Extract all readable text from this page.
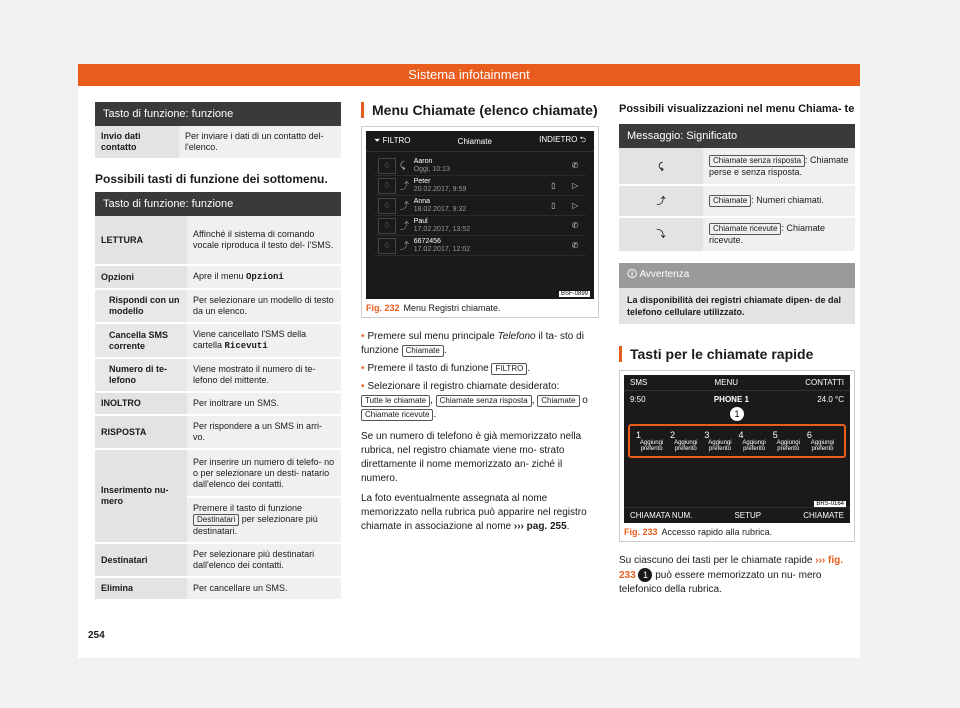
Sistema infotainment
Tasto di funzione: funzione
Invio dati contatto	Per inviare i dati di un contatto del- l'elenco.
Possibili tasti di funzione dei sottomenu.
Tasto di funzione: funzione
LETTURA	Affinché il sistema di comando vocale riproduca il testo del- l'SMS.
Opzioni	Apre il menu Opzioni
Rispondi con un modello	Per selezionare un modello di testo da un elenco.
Cancella SMS corrente	Viene cancellato l'SMS della cartella Ricevuti
Numero di te- lefono	Viene mostrato il numero di te- lefono del mittente.
INOLTRO	Per inoltrare un SMS.
RISPOSTA	Per rispondere a un SMS in arri- vo.
Inserimento nu- mero	Per inserire un numero di telefo- no o per selezionare un desti- natario dall'elenco dei contatti.
	Premere il tasto di funzione Destinatari per selezionare più destinatari.
Destinatari	Per selezionare più destinatari dall'elenco dei contatti.
Elimina	Per cancellare un SMS.
Menu Chiamate (elenco chiamate)
⏷ FILTRO	Chiamate	INDIETRO ⮌
♢	⤹	Aaron
Oggi, 10:13	✆
♢	⤴ Peter
20.02.2017, 9:59	▯	▷
♢	⤴ Anna
18.02.2017, 9:32	▯	▷
♢	⤴ Paul
17.02.2017, 13:52	✆
♢	⤴ 6672456
17.02.2017, 12:02	✆
BSF-0899
Fig. 232 Menu Registri chiamate.
• Premere sul menu principale Telefono il ta- sto di funzione Chiamate .
• Premere il tasto di funzione FILTRO .
• Selezionare il registro chiamate desiderato: Tutte le chiamate , Chiamate senza risposta , Chiamate o Chiamate ricevute .

Se un numero di telefono è già memorizzato nella rubrica, nel registro chiamate viene mo- strato direttamente il nome memorizzato an- ziché il numero.

La foto eventualmente assegnata al nome memorizzato nella rubrica può apparire nel registro chiamate in associazione al nome ››› pag. 255.

Possibili visualizzazioni nel menu Chiama- te
Messaggio: Significato
⤹	Chiamate senza risposta : Chiamate perse e senza risposta.
⤴	Chiamate : Numeri chiamati.
⤵	Chiamate ricevute : Chiamate ricevute.
🛈 Avvertenza
La disponibilità dei registri chiamate dipen- de dal telefono cellulare utilizzato.
Tasti per le chiamate rapide
SMS	MENU	CONTATTI
9:50	PHONE 1	24.0 °C
1
1
Aggiungi preferito
2
Aggiungi preferito
3
Aggiungi preferito
4
Aggiungi preferito
5
Aggiungi preferito
6
Aggiungi preferito
CHIAMATA NUM.	SETUP	CHIAMATE
BRS-0164
Fig. 233 Accesso rapido alla rubrica.

Su ciascuno dei tasti per le chiamate rapide ››› fig. 233 1 può essere memorizzato un nu- mero telefonico della rubrica.

254
